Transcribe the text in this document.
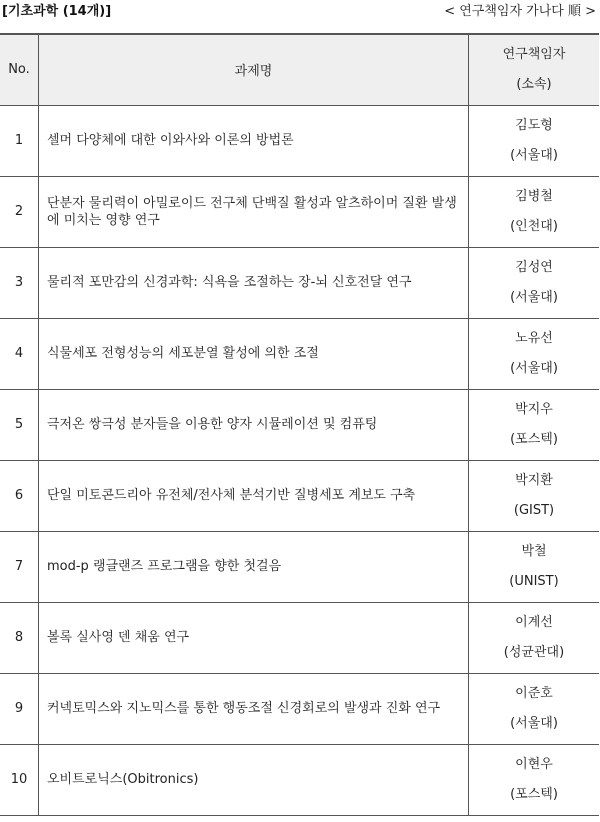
[기초과학 (14개)]	< 연구책임자 가나다 順 >
No.	과제명	연구책임자
(소속)

1	셀머 다양체에 대한 이와사와 이론의 방법론	김도형
(서울대)

2	단분자 물리력이 아밀로이드 전구체 단백질 활성과 알츠하이머 질환 발생에 미치는 영향 연구	김병철
(인천대)

3	물리적 포만감의 신경과학: 식욕을 조절하는 장-뇌 신호전달 연구	김성연
(서울대)

4	식물세포 전형성능의 세포분열 활성에 의한 조절	노유선
(서울대)

5	극저온 쌍극성 분자들을 이용한 양자 시뮬레이션 및 컴퓨팅	박지우
(포스텍)

6	단일 미토콘드리아 유전체/전사체 분석기반 질병세포 계보도 구축	박지환
(GIST)

7	mod-p 랭글랜즈 프로그램을 향한 첫걸음	박철
(UNIST)

8	볼록 실사영 덴 채움 연구	이계선
(성균관대)

9	커넥토믹스와 지노믹스를 통한 행동조절 신경회로의 발생과 진화 연구	이준호
(서울대)

10	오비트로닉스(Obitronics)	이현우
(포스텍)
